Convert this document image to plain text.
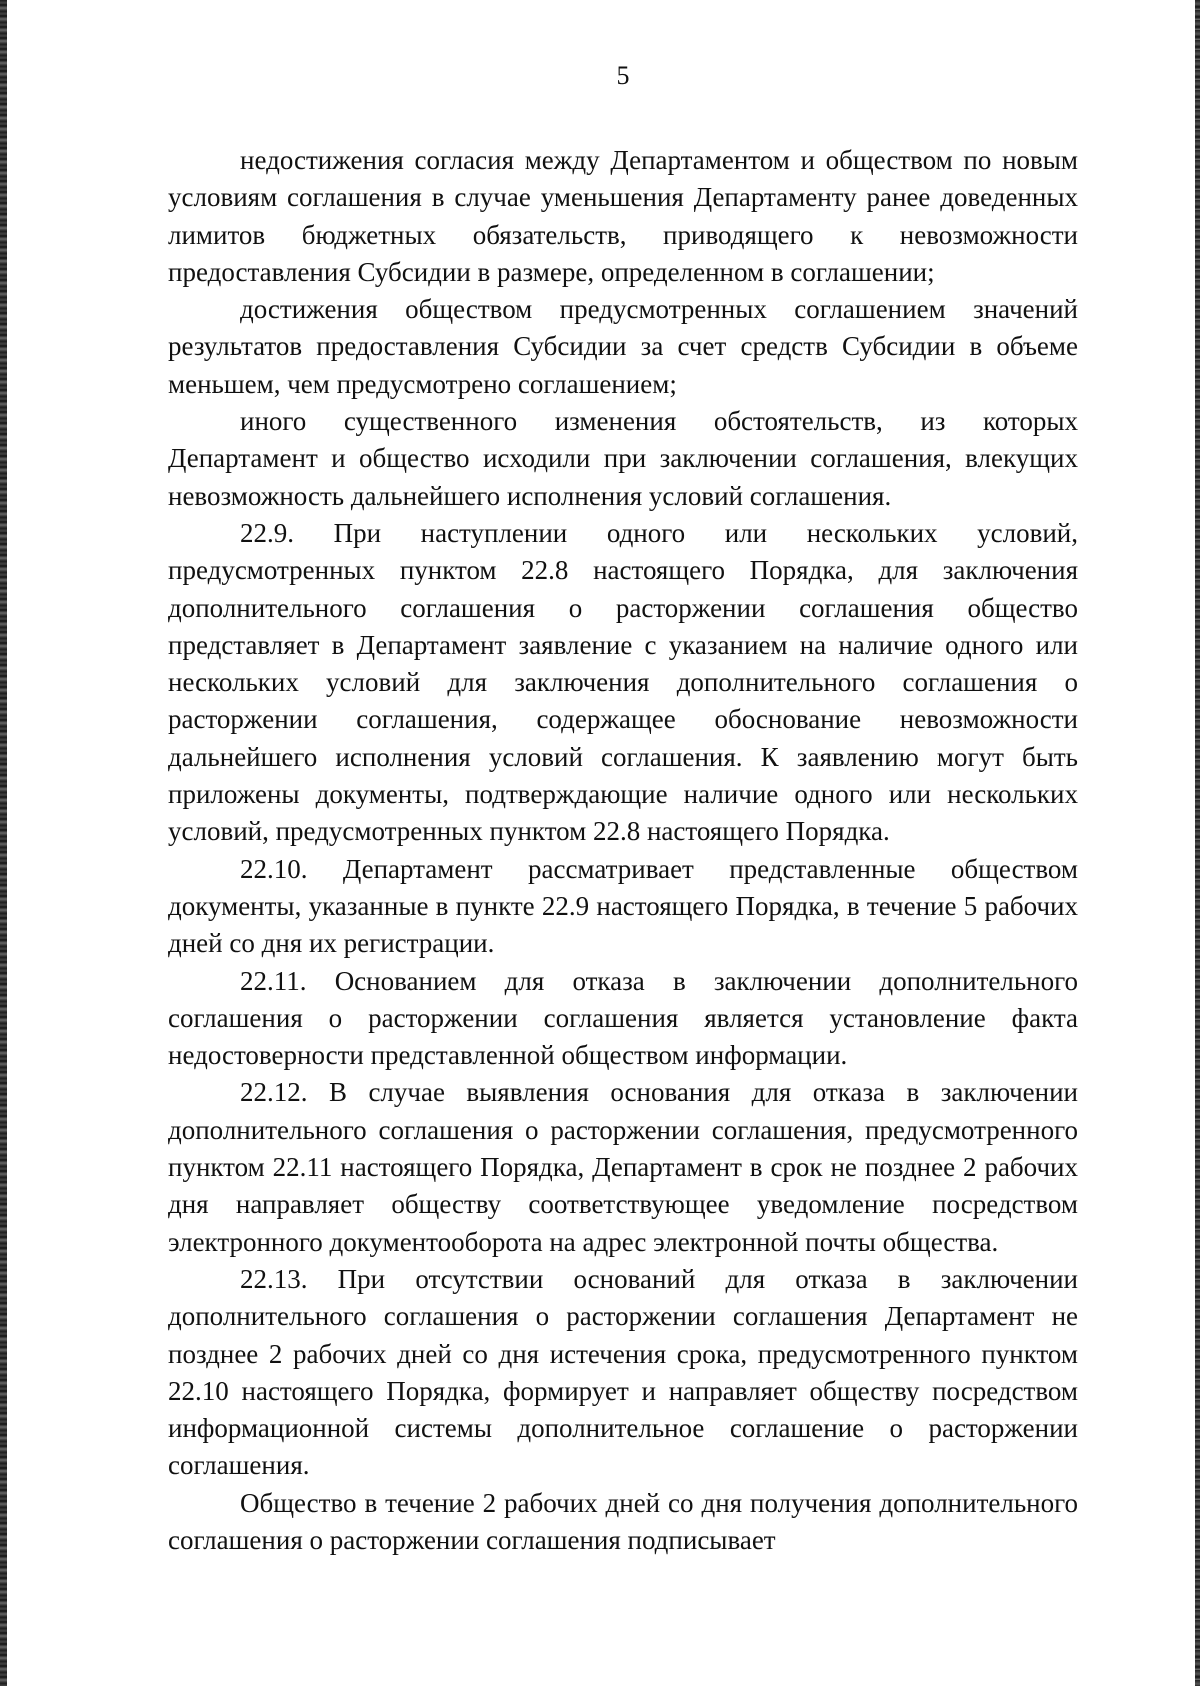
5

недостижения согласия между Департаментом и обществом по новым условиям соглашения в случае уменьшения Департаменту ранее доведенных лимитов бюджетных обязательств, приводящего к невозможности предоставления Субсидии в размере, определенном в соглашении;

достижения обществом предусмотренных соглашением значений результатов предоставления Субсидии за счет средств Субсидии в объеме меньшем, чем предусмотрено соглашением;

иного существенного изменения обстоятельств, из которых Департамент и общество исходили при заключении соглашения, влекущих невозможность дальнейшего исполнения условий соглашения.

22.9. При наступлении одного или нескольких условий, предусмотренных пунктом 22.8 настоящего Порядка, для заключения дополнительного соглашения о расторжении соглашения общество представляет в Департамент заявление с указанием на наличие одного или нескольких условий для заключения дополнительного соглашения о расторжении соглашения, содержащее обоснование невозможности дальнейшего исполнения условий соглашения. К заявлению могут быть приложены документы, подтверждающие наличие одного или нескольких условий, предусмотренных пунктом 22.8 настоящего Порядка.

22.10. Департамент рассматривает представленные обществом документы, указанные в пункте 22.9 настоящего Порядка, в течение 5 рабочих дней со дня их регистрации.

22.11. Основанием для отказа в заключении дополнительного соглашения о расторжении соглашения является установление факта недостоверности представленной обществом информации.

22.12. В случае выявления основания для отказа в заключении дополнительного соглашения о расторжении соглашения, предусмотренного пунктом 22.11 настоящего Порядка, Департамент в срок не позднее 2 рабочих дня направляет обществу соответствующее уведомление посредством электронного документооборота на адрес электронной почты общества.

22.13. При отсутствии оснований для отказа в заключении дополнительного соглашения о расторжении соглашения Департамент не позднее 2 рабочих дней со дня истечения срока, предусмотренного пунктом 22.10 настоящего Порядка, формирует и направляет обществу посредством информационной системы дополнительное соглашение о расторжении соглашения.

Общество в течение 2 рабочих дней со дня получения дополнительного соглашения о расторжении соглашения подписывает
